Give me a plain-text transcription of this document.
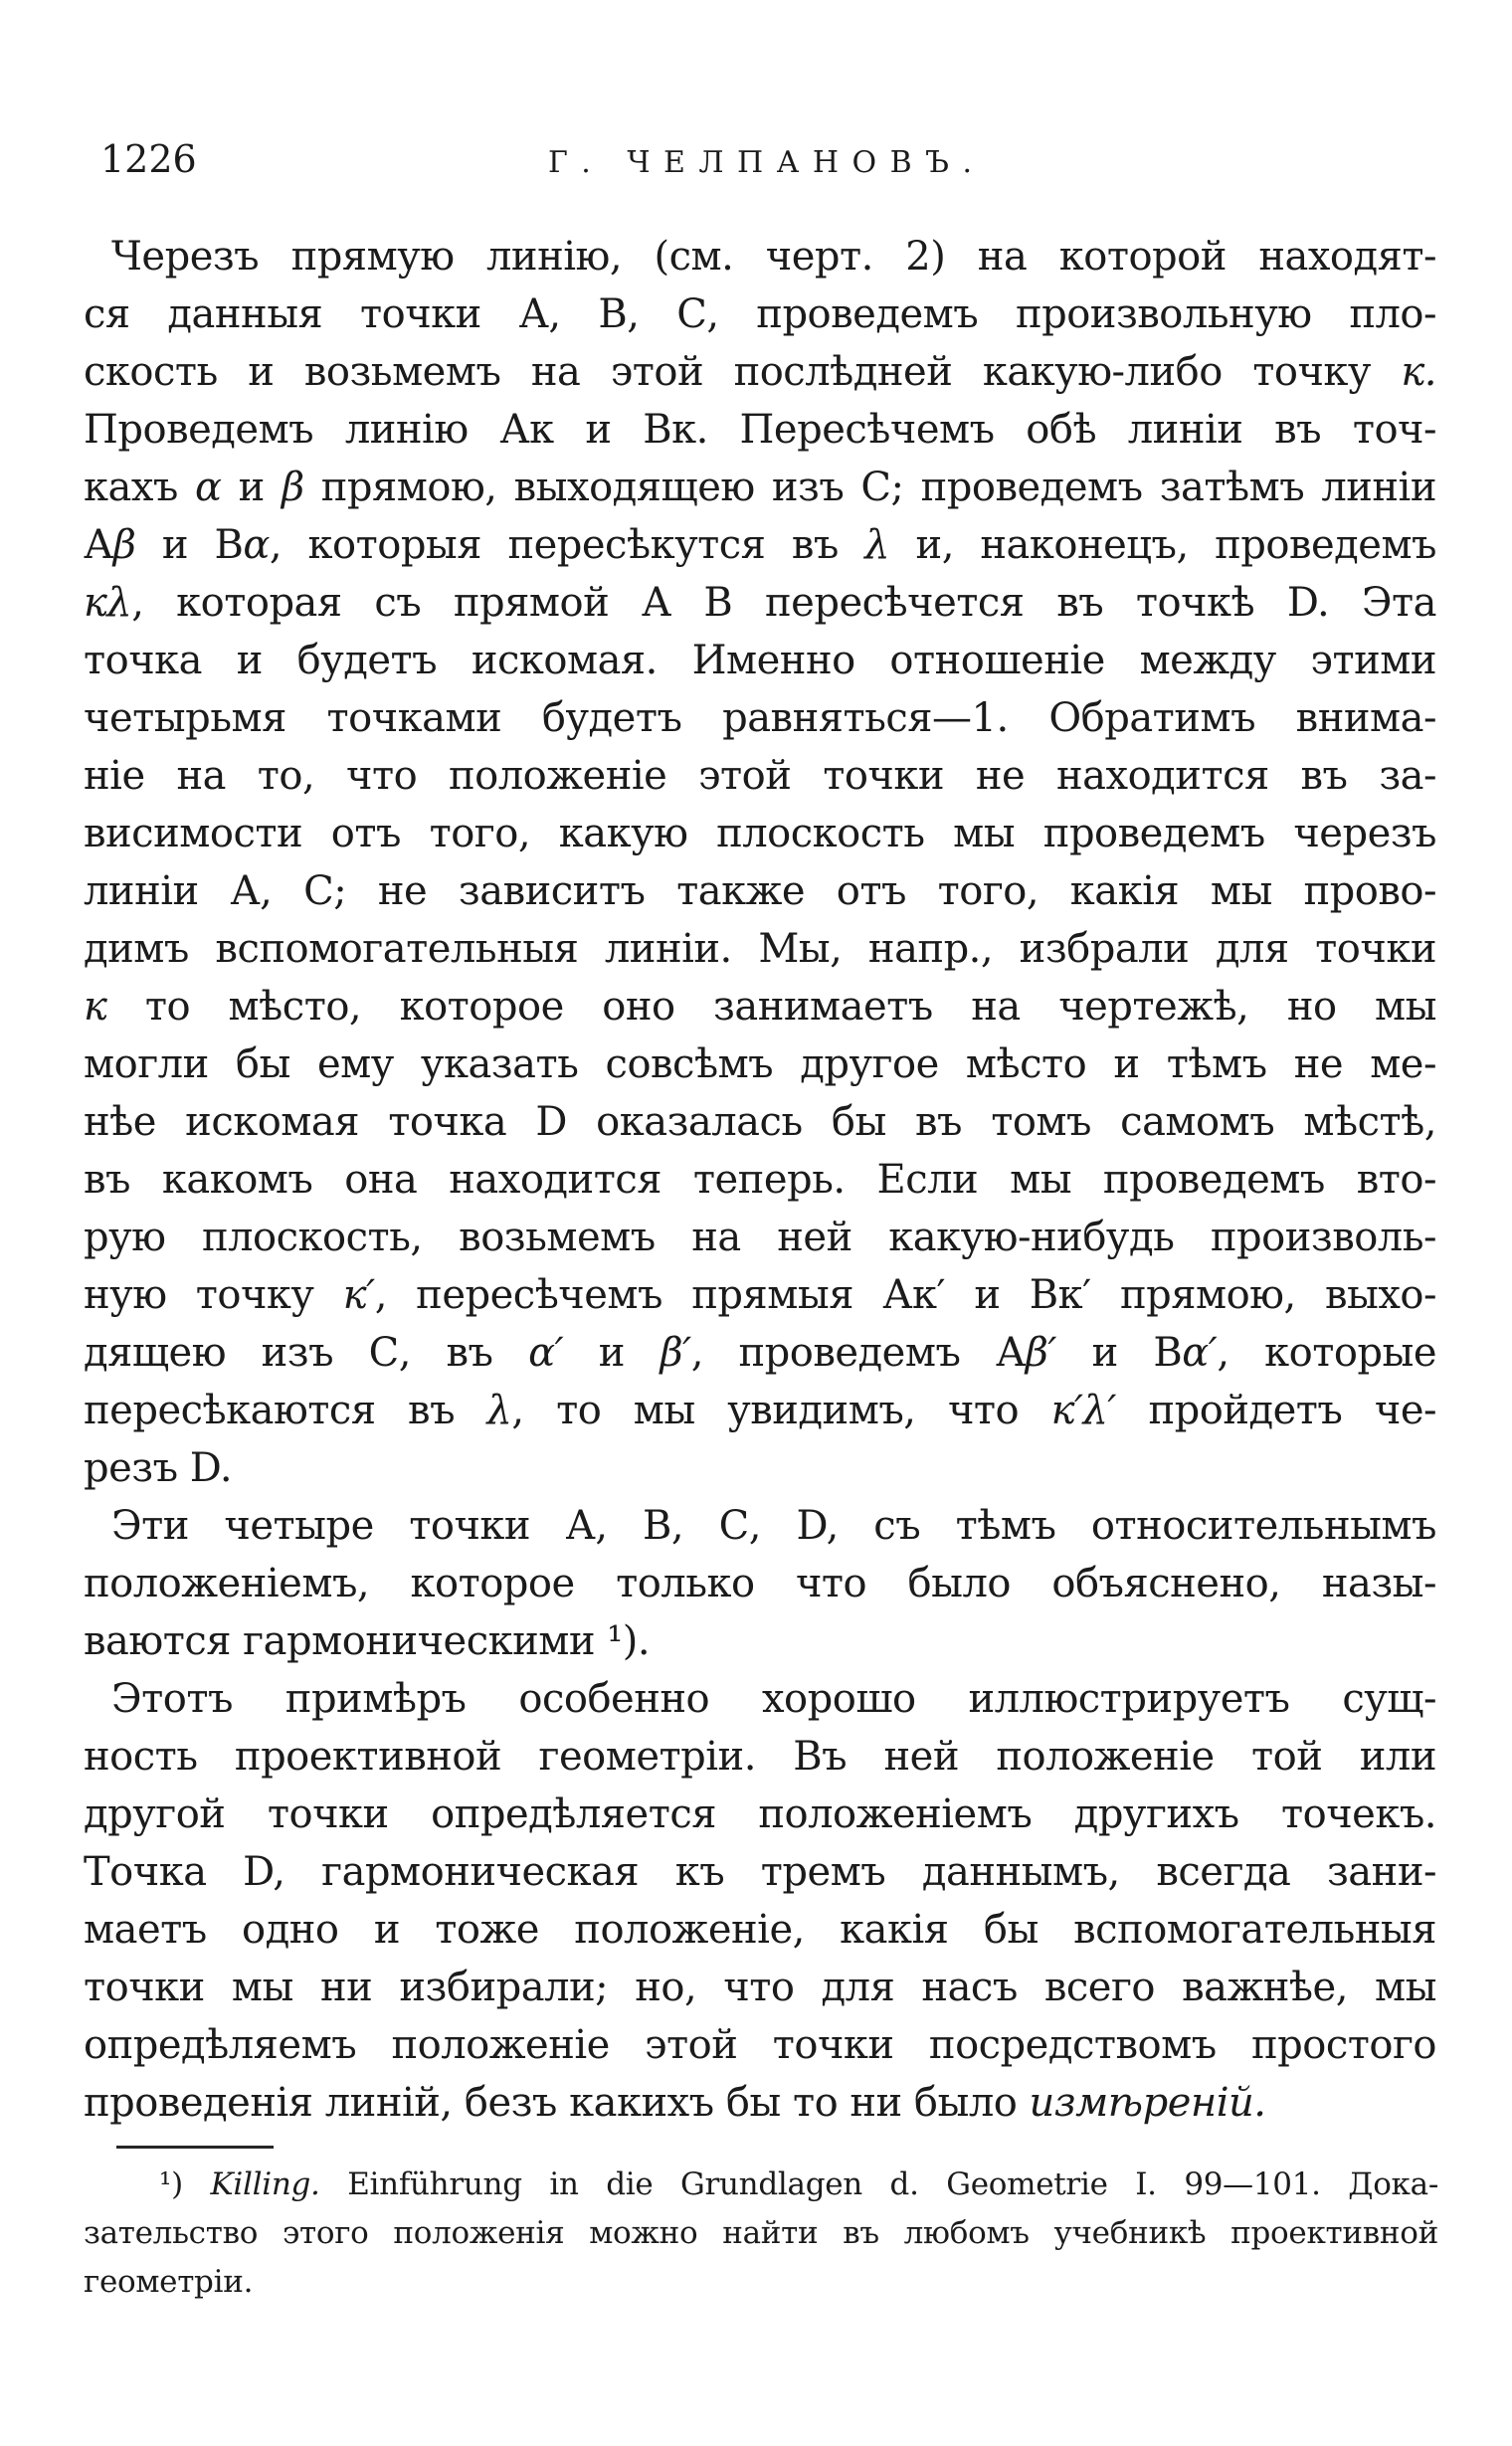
1226	Г. ЧЕЛПАНОВЪ.
Черезъ прямую линію, (см. черт. 2) на которой находят-
ся данныя точки А, В, С, проведемъ произвольную пло-
скость и возьмемъ на этой послѣдней какую-либо точку к.
Проведемъ линію Ак и Вк. Пересѣчемъ обѣ линіи въ точ-
кахъ α и β прямою, выходящею изъ С; проведемъ затѣмъ линіи
Аβ и Вα, которыя пересѣкутся въ λ и, наконецъ, проведемъ
кλ, которая съ прямой А В пересѣчется въ точкѣ D. Эта
точка и будетъ искомая. Именно отношеніе между этими
четырьмя точками будетъ равняться—1. Обратимъ внима-
ніе на то, что положеніе этой точки не находится въ за-
висимости отъ того, какую плоскость мы проведемъ черезъ
линіи А, С; не зависитъ также отъ того, какія мы прово-
димъ вспомогательныя линіи. Мы, напр., избрали для точки
к то мѣсто, которое оно занимаетъ на чертежѣ, но мы
могли бы ему указать совсѣмъ другое мѣсто и тѣмъ не ме-
нѣе искомая точка D оказалась бы въ томъ самомъ мѣстѣ,
въ какомъ она находится теперь. Если мы проведемъ вто-
рую плоскость, возьмемъ на ней какую-нибудь произволь-
ную точку к′, пересѣчемъ прямыя Ак′ и Вк′ прямою, выхо-
дящею изъ С, въ α′ и β′, проведемъ Аβ′ и Вα′, которые
пересѣкаются въ λ, то мы увидимъ, что к′λ′ пройдетъ че-
резъ D.
Эти четыре точки А, В, С, D, съ тѣмъ относительнымъ
положеніемъ, которое только что было объяснено, назы-
ваются гармоническими ¹).
Этотъ примѣръ особенно хорошо иллюстрируетъ сущ-
ность проективной геометріи. Въ ней положеніе той или
другой точки опредѣляется положеніемъ другихъ точекъ.
Точка D, гармоническая къ тремъ даннымъ, всегда зани-
маетъ одно и тоже положеніе, какія бы вспомогательныя
точки мы ни избирали; но, что для насъ всего важнѣе, мы
опредѣляемъ положеніе этой точки посредствомъ простого
проведенія линій, безъ какихъ бы то ни было измѣреній.
¹) Killing. Einführung in die Grundlagen d. Geometrie I. 99—101. Дока-
зательство этого положенія можно найти въ любомъ учебникѣ проективной
геометріи.
